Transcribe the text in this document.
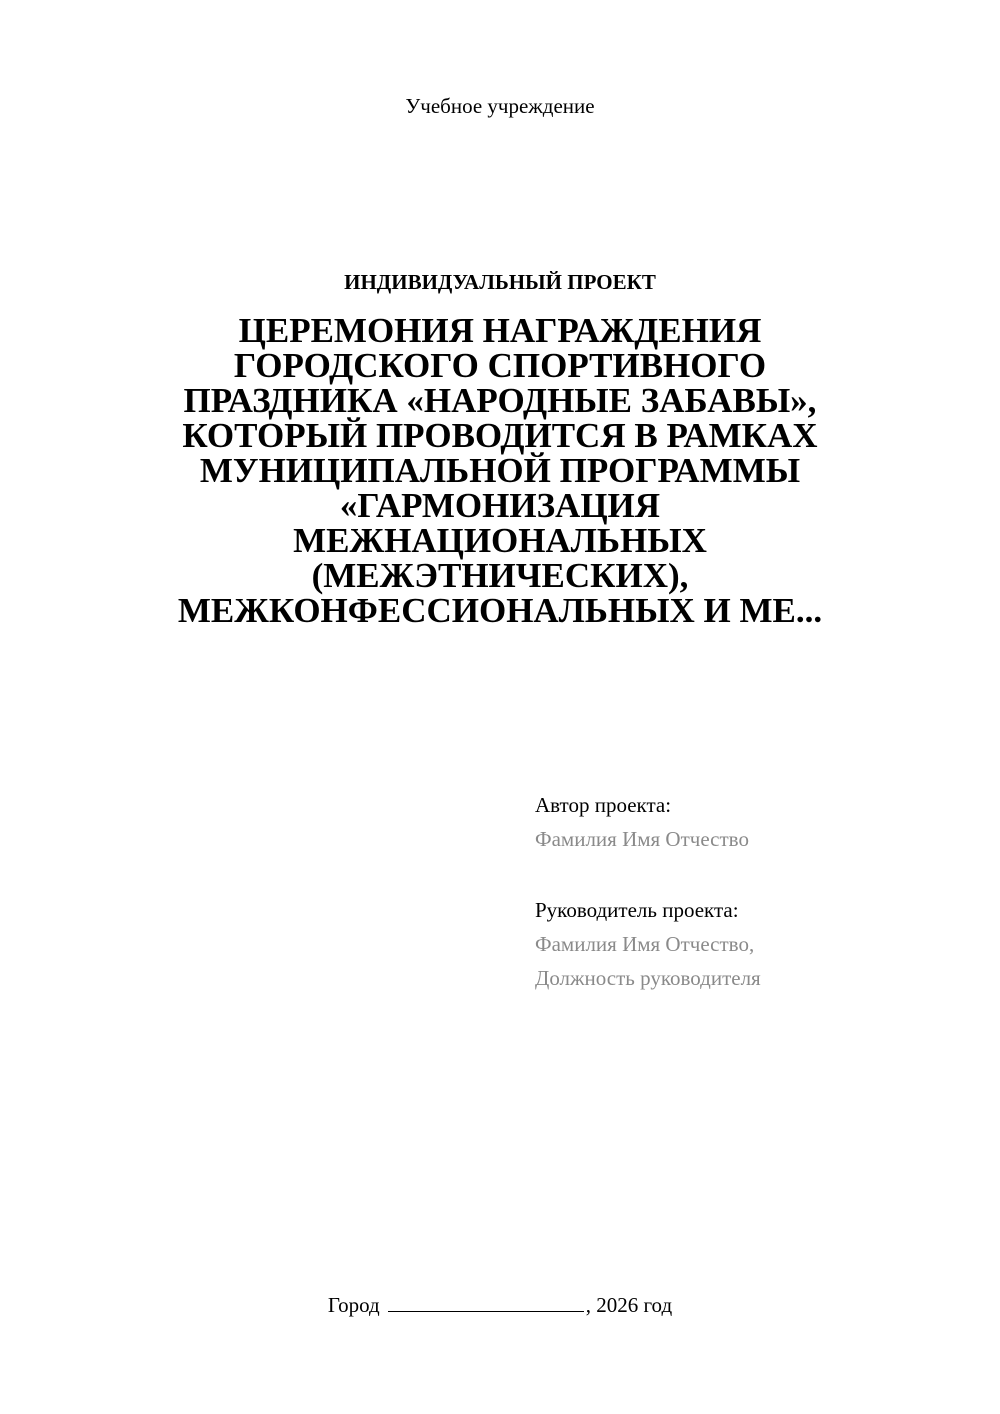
Учебное учреждение
ИНДИВИДУАЛЬНЫЙ ПРОЕКТ
ЦЕРЕМОНИЯ НАГРАЖДЕНИЯ
ГОРОДСКОГО СПОРТИВНОГО
ПРАЗДНИКА «НАРОДНЫЕ ЗАБАВЫ»,
КОТОРЫЙ ПРОВОДИТСЯ В РАМКАХ
МУНИЦИПАЛЬНОЙ ПРОГРАММЫ
«ГАРМОНИЗАЦИЯ
МЕЖНАЦИОНАЛЬНЫХ
(МЕЖЭТНИЧЕСКИХ),
МЕЖКОНФЕССИОНАЛЬНЫХ И МЕ...
Автор проекта:
Фамилия Имя Отчество
Руководитель проекта:
Фамилия Имя Отчество,
Должность руководителя
Город	, 2026 год
